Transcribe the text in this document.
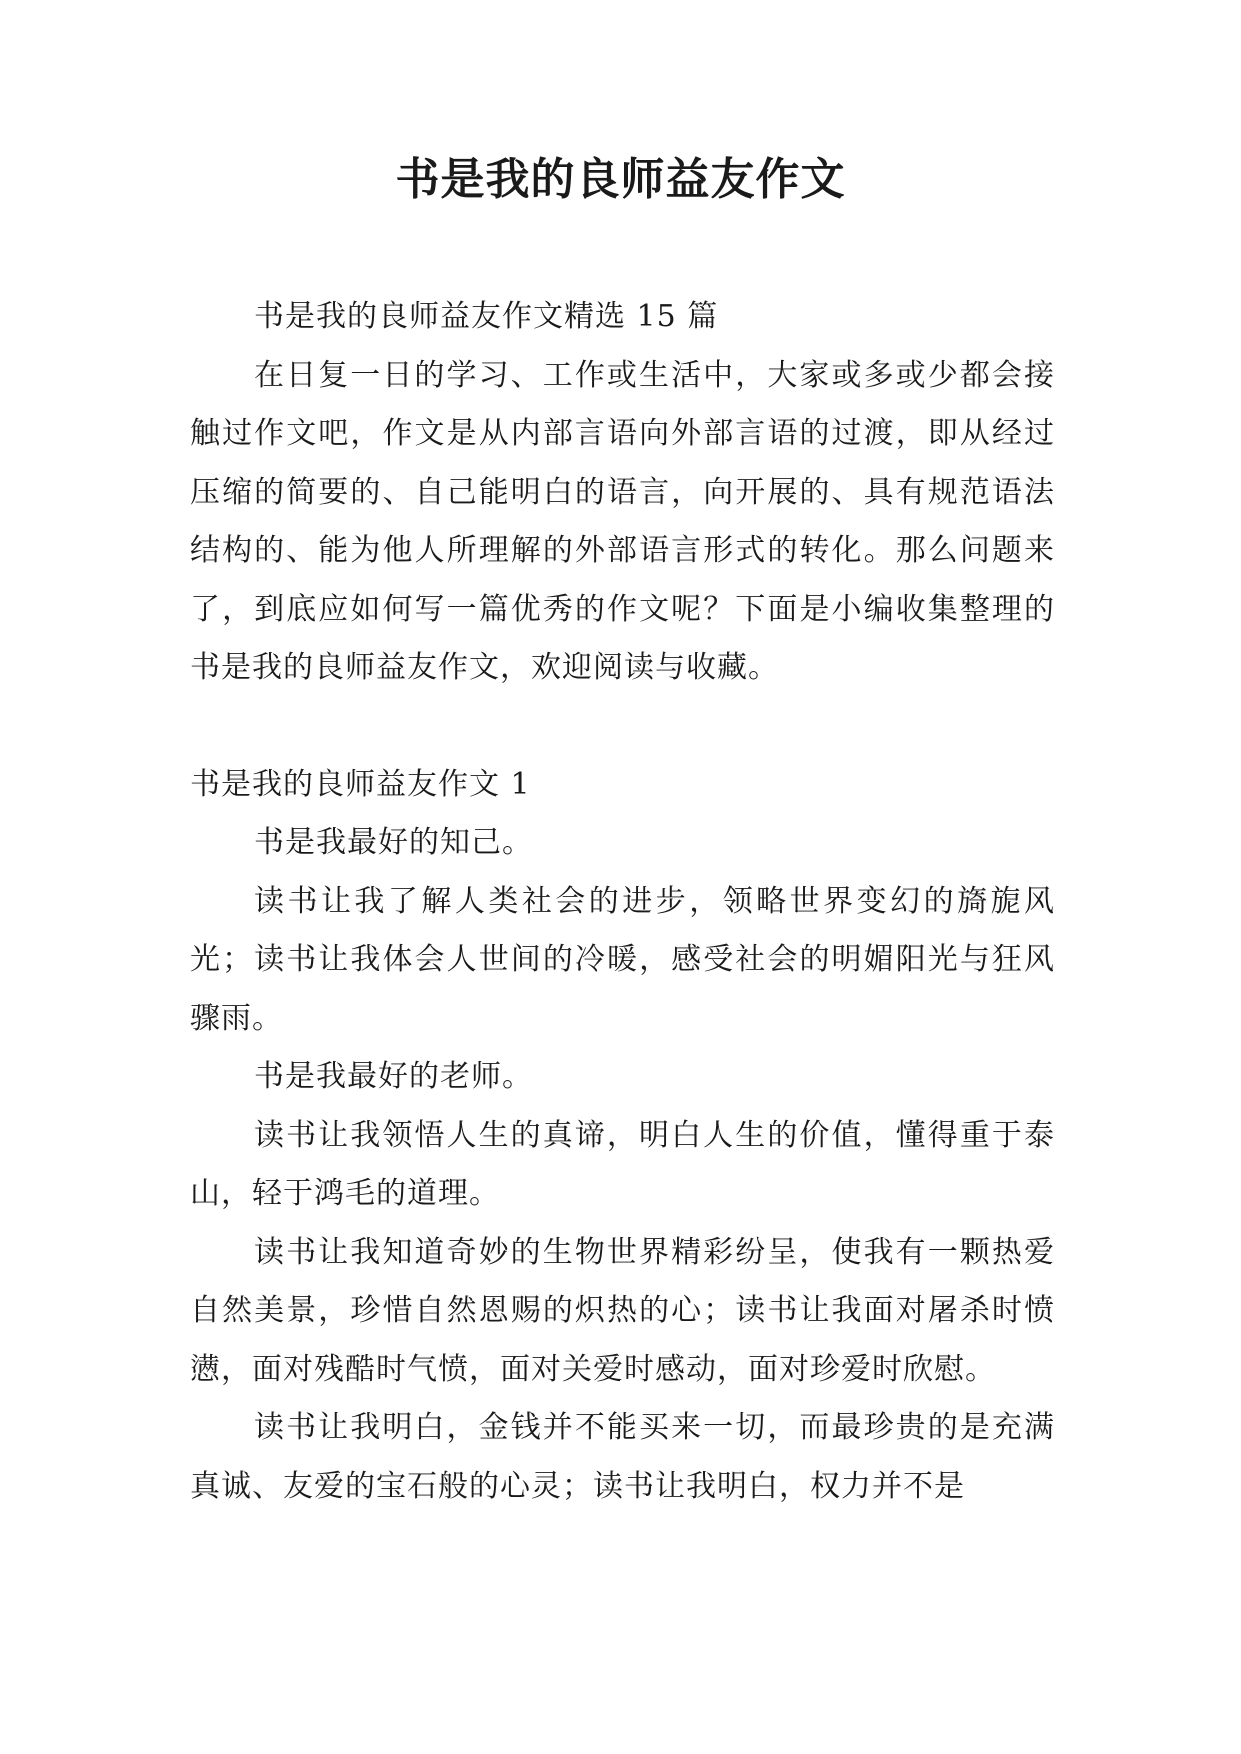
书是我的良师益友作文

书是我的良师益友作文精选 15 篇

在日复一日的学习、工作或生活中，大家或多或少都会接触过作文吧，作文是从内部言语向外部言语的过渡，即从经过压缩的简要的、自己能明白的语言，向开展的、具有规范语法结构的、能为他人所理解的外部语言形式的转化。那么问题来了，到底应如何写一篇优秀的作文呢？下面是小编收集整理的书是我的良师益友作文，欢迎阅读与收藏。

书是我的良师益友作文 1

书是我最好的知己。

读书让我了解人类社会的进步，领略世界变幻的旖旎风光；读书让我体会人世间的冷暖，感受社会的明媚阳光与狂风骤雨。

书是我最好的老师。

读书让我领悟人生的真谛，明白人生的价值，懂得重于泰山，轻于鸿毛的道理。

读书让我知道奇妙的生物世界精彩纷呈，使我有一颗热爱自然美景，珍惜自然恩赐的炽热的心；读书让我面对屠杀时愤懑，面对残酷时气愤，面对关爱时感动，面对珍爱时欣慰。

读书让我明白，金钱并不能买来一切，而最珍贵的是充满真诚、友爱的宝石般的心灵；读书让我明白，权力并不是
